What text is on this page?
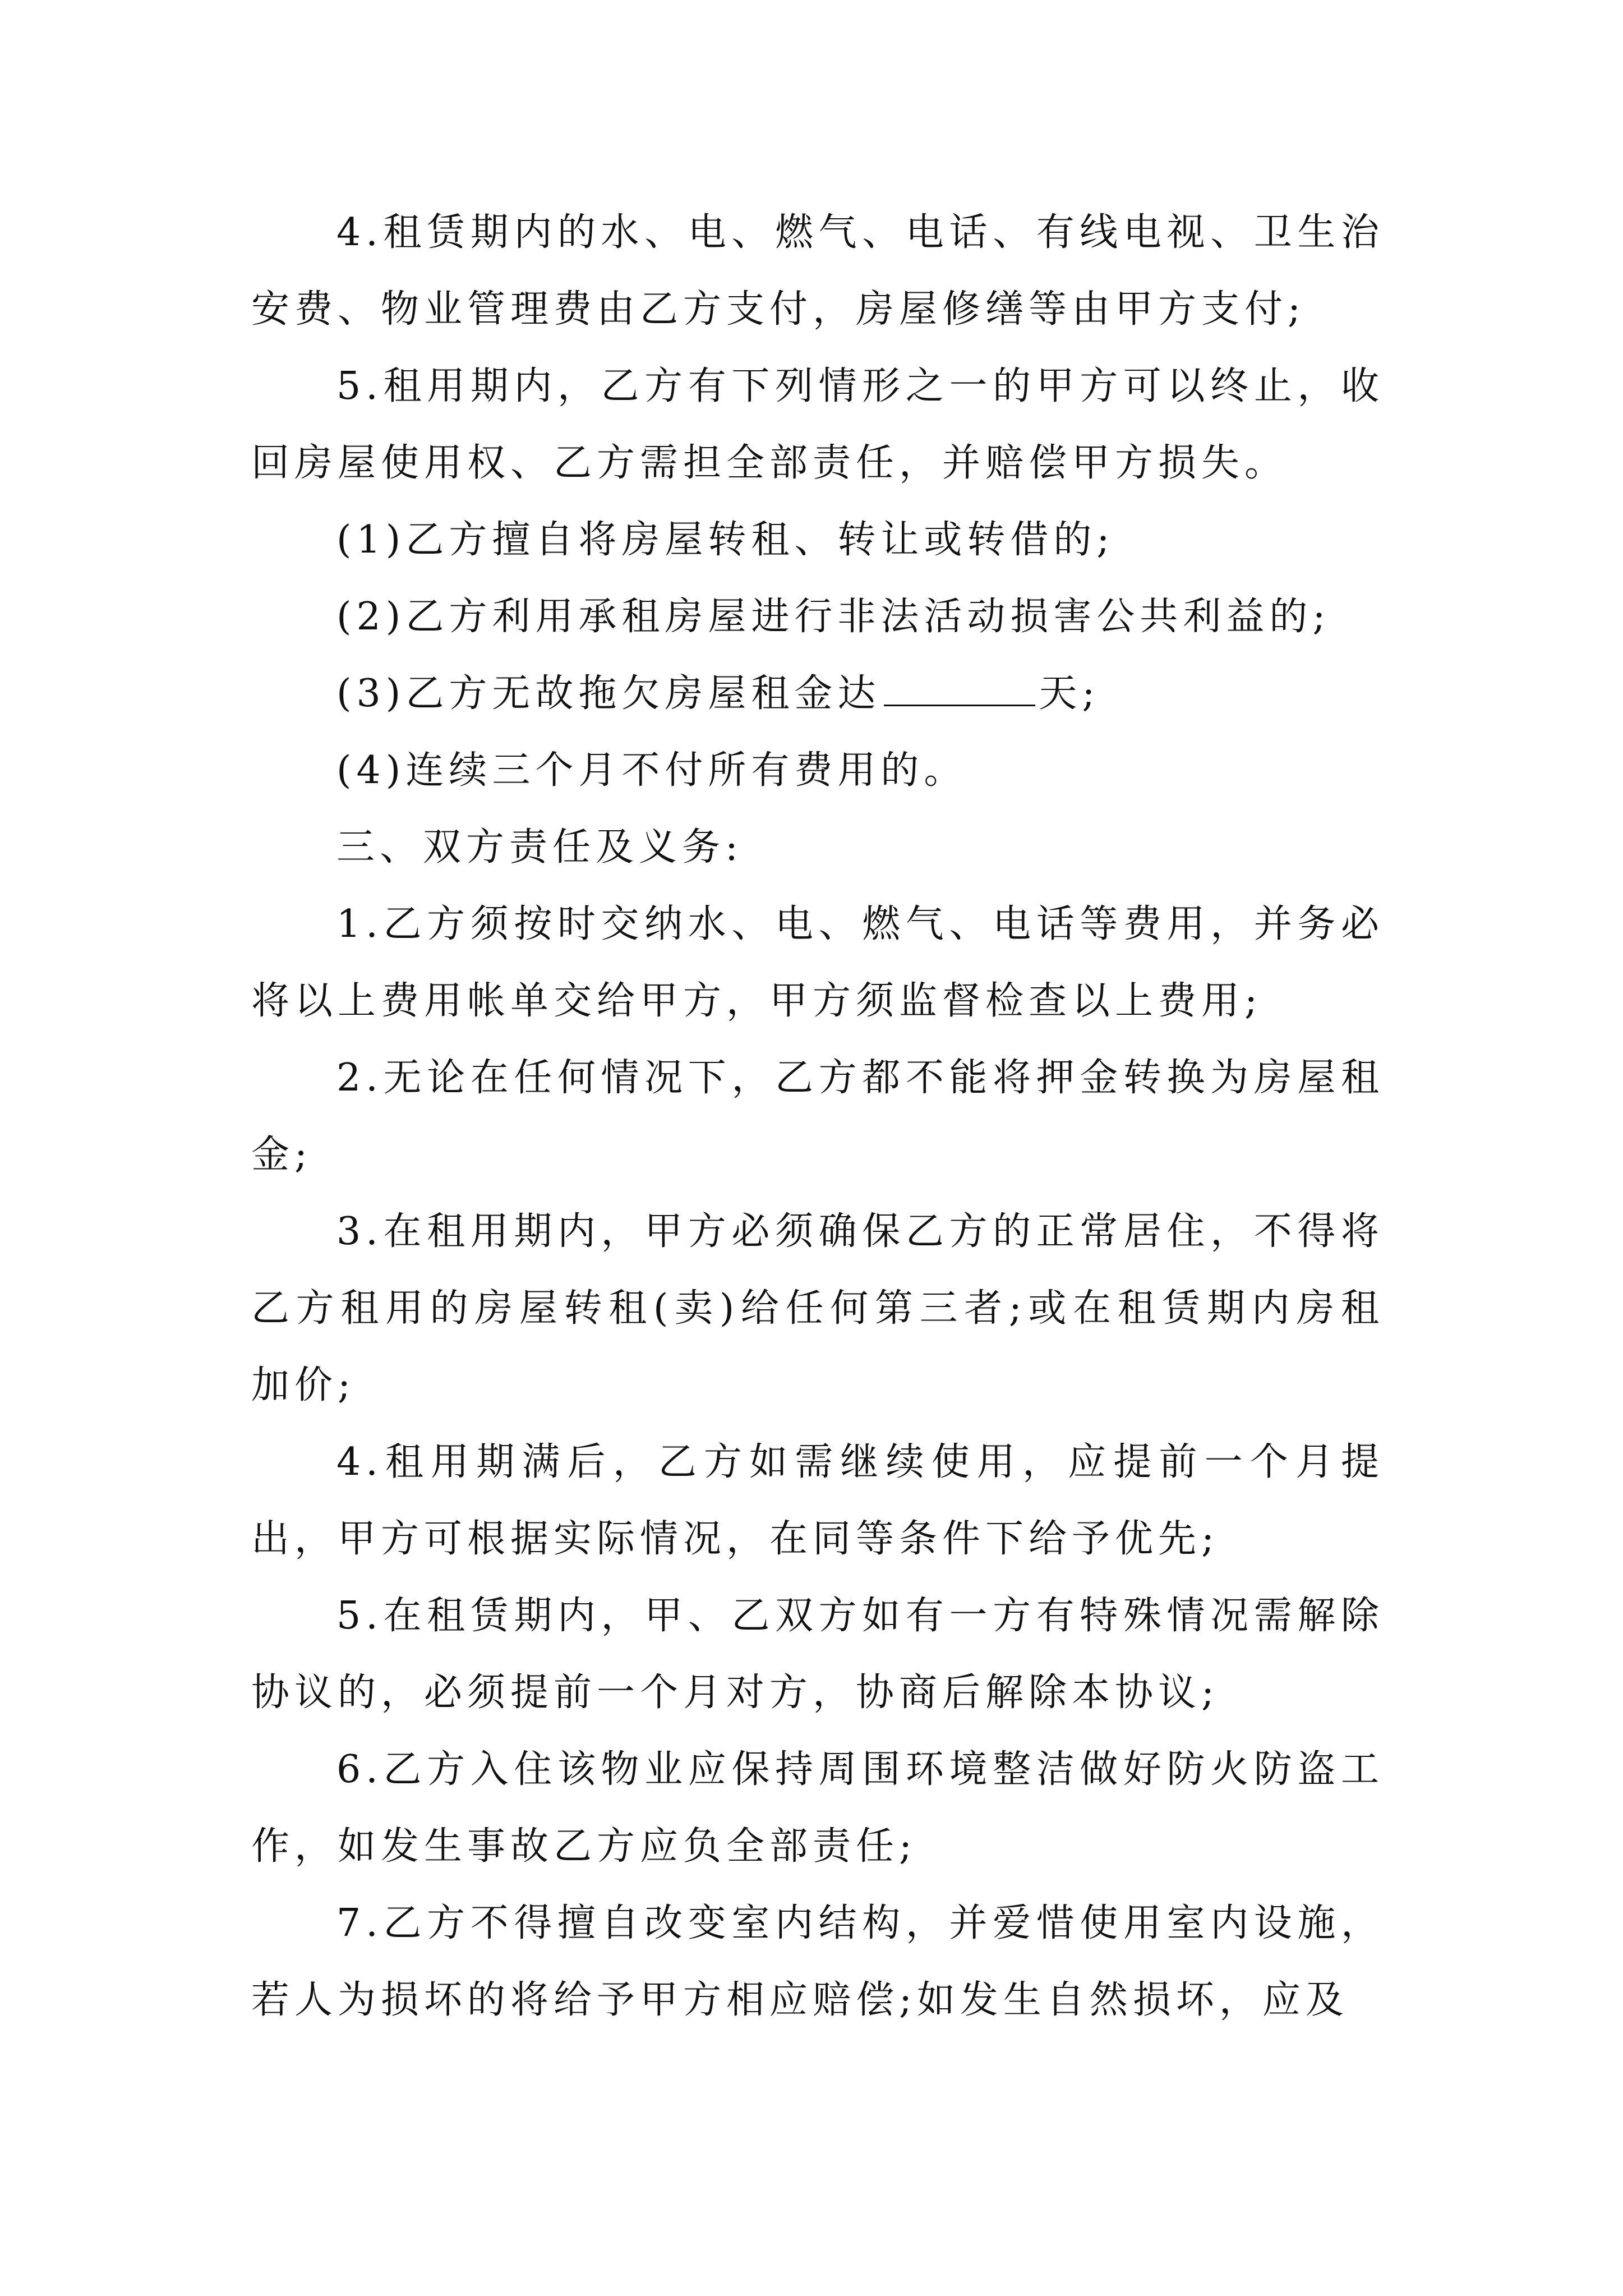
4.租赁期内的水、电、燃气、电话、有线电视、卫生治安费、物业管理费由乙方支付，房屋修缮等由甲方支付;

5.租用期内，乙方有下列情形之一的甲方可以终止，收回房屋使用权、乙方需担全部责任，并赔偿甲方损失。

(1)乙方擅自将房屋转租、转让或转借的;

(2)乙方利用承租房屋进行非法活动损害公共利益的;

(3)乙方无故拖欠房屋租金达	天;

(4)连续三个月不付所有费用的。

三、双方责任及义务:

1.乙方须按时交纳水、电、燃气、电话等费用，并务必将以上费用帐单交给甲方，甲方须监督检查以上费用;

2.无论在任何情况下，乙方都不能将押金转换为房屋租金;

3.在租用期内，甲方必须确保乙方的正常居住，不得将乙方租用的房屋转租(卖)给任何第三者;或在租赁期内房租加价;

4.租用期满后，乙方如需继续使用，应提前一个月提出，甲方可根据实际情况，在同等条件下给予优先;

5.在租赁期内，甲、乙双方如有一方有特殊情况需解除协议的，必须提前一个月对方，协商后解除本协议;

6.乙方入住该物业应保持周围环境整洁做好防火防盗工作，如发生事故乙方应负全部责任;

7.乙方不得擅自改变室内结构，并爱惜使用室内设施，若人为损坏的将给予甲方相应赔偿;如发生自然损坏，应及
